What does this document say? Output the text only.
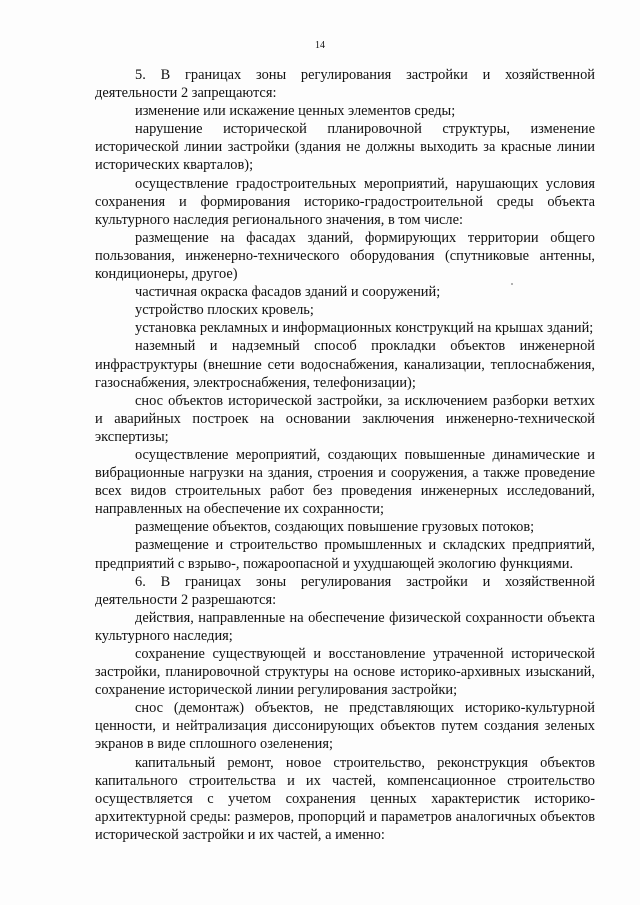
14

5. В границах зоны регулирования застройки и хозяйственной деятельности 2 запрещаются:

изменение или искажение ценных элементов среды;

нарушение исторической планировочной структуры, изменение исторической линии застройки (здания не должны выходить за красные линии исторических кварталов);

осуществление градостроительных мероприятий, нарушающих условия сохранения и формирования историко-градостроительной среды объекта культурного наследия регионального значения, в том числе:

размещение на фасадах зданий, формирующих территории общего пользования, инженерно-технического оборудования (спутниковые антенны, кондиционеры, другое)

частичная окраска фасадов зданий и сооружений;

устройство плоских кровель;

установка рекламных и информационных конструкций на крышах зданий;

наземный и надземный способ прокладки объектов инженерной инфраструктуры (внешние сети водоснабжения, канализации, теплоснабжения, газоснабжения, электроснабжения, телефонизации);

снос объектов исторической застройки, за исключением разборки ветхих и аварийных построек на основании заключения инженерно-технической экспертизы;

осуществление мероприятий, создающих повышенные динамические и вибрационные нагрузки на здания, строения и сооружения, а также проведение всех видов строительных работ без проведения инженерных исследований, направленных на обеспечение их сохранности;

размещение объектов, создающих повышение грузовых потоков;

размещение и строительство промышленных и складских предприятий, предприятий с взрыво-, пожароопасной и ухудшающей экологию функциями.

6. В границах зоны регулирования застройки и хозяйственной деятельности 2 разрешаются:

действия, направленные на обеспечение физической сохранности объекта культурного наследия;

сохранение существующей и восстановление утраченной исторической застройки, планировочной структуры на основе историко-архивных изысканий, сохранение исторической линии регулирования застройки;

снос (демонтаж) объектов, не представляющих историко-культурной ценности, и нейтрализация диссонирующих объектов путем создания зеленых экранов в виде сплошного озеленения;

капитальный ремонт, новое строительство, реконструкция объектов капитального строительства и их частей, компенсационное строительство осуществляется с учетом сохранения ценных характеристик историко-архитектурной среды: размеров, пропорций и параметров аналогичных объектов исторической застройки и их частей, а именно:
